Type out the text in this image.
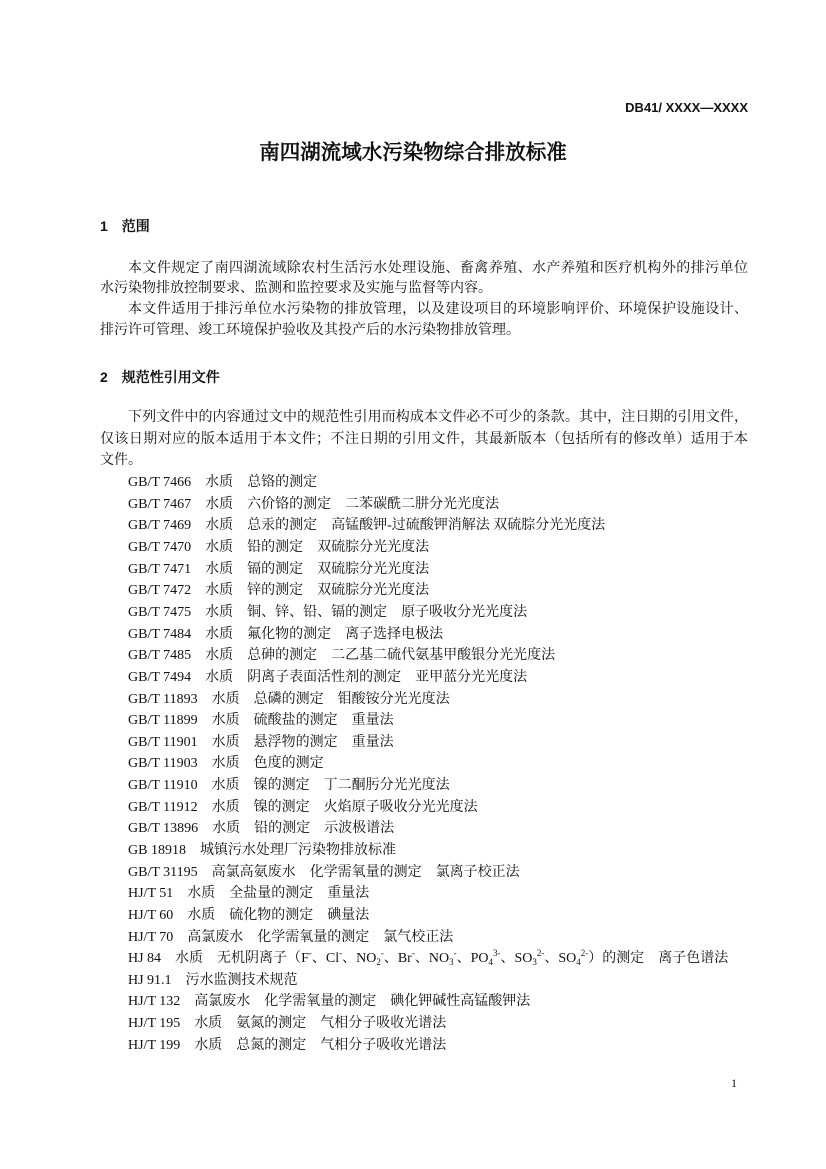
DB41/ XXXX—XXXX
南四湖流域水污染物综合排放标准
1 范围
本文件规定了南四湖流域除农村生活污水处理设施、畜禽养殖、水产养殖和医疗机构外的排污单位
水污染物排放控制要求、监测和监控要求及实施与监督等内容。
本文件适用于排污单位水污染物的排放管理，以及建设项目的环境影响评价、环境保护设施设计、
排污许可管理、竣工环境保护验收及其投产后的水污染物排放管理。
2 规范性引用文件
下列文件中的内容通过文中的规范性引用而构成本文件必不可少的条款。其中，注日期的引用文件，
仅该日期对应的版本适用于本文件；不注日期的引用文件，其最新版本（包括所有的修改单）适用于本
文件。
GB/T 7466　水质　总铬的测定
GB/T 7467　水质　六价铬的测定　二苯碳酰二肼分光光度法
GB/T 7469　水质　总汞的测定　高锰酸钾-过硫酸钾消解法 双硫腙分光光度法
GB/T 7470　水质　铅的测定　双硫腙分光光度法
GB/T 7471　水质　镉的测定　双硫腙分光光度法
GB/T 7472　水质　锌的测定　双硫腙分光光度法
GB/T 7475　水质　铜、锌、铅、镉的测定　原子吸收分光光度法
GB/T 7484　水质　氟化物的测定　离子选择电极法
GB/T 7485　水质　总砷的测定　二乙基二硫代氨基甲酸银分光光度法
GB/T 7494　水质　阴离子表面活性剂的测定　亚甲蓝分光光度法
GB/T 11893　水质　总磷的测定　钼酸铵分光光度法
GB/T 11899　水质　硫酸盐的测定　重量法
GB/T 11901　水质　悬浮物的测定　重量法
GB/T 11903　水质　色度的测定
GB/T 11910　水质　镍的测定　丁二酮肟分光光度法
GB/T 11912　水质　镍的测定　火焰原子吸收分光光度法
GB/T 13896　水质　铅的测定　示波极谱法
GB 18918　城镇污水处理厂污染物排放标准
GB/T 31195　高氯高氨废水　化学需氧量的测定　氯离子校正法
HJ/T 51　水质　全盐量的测定　重量法
HJ/T 60　水质　硫化物的测定　碘量法
HJ/T 70　高氯废水　化学需氧量的测定　氯气校正法
HJ 84　水质　无机阴离子（F-、Cl-、$NO_2^-$、Br-、$NO_3^-$、$PO_4^{3-}$、$SO_3^{2-}$、$SO_4^{2-}$）的测定　离子色谱法
HJ 91.1　污水监测技术规范
HJ/T 132　高氯废水　化学需氧量的测定　碘化钾碱性高锰酸钾法
HJ/T 195　水质　氨氮的测定　气相分子吸收光谱法
HJ/T 199　水质　总氮的测定　气相分子吸收光谱法
1
